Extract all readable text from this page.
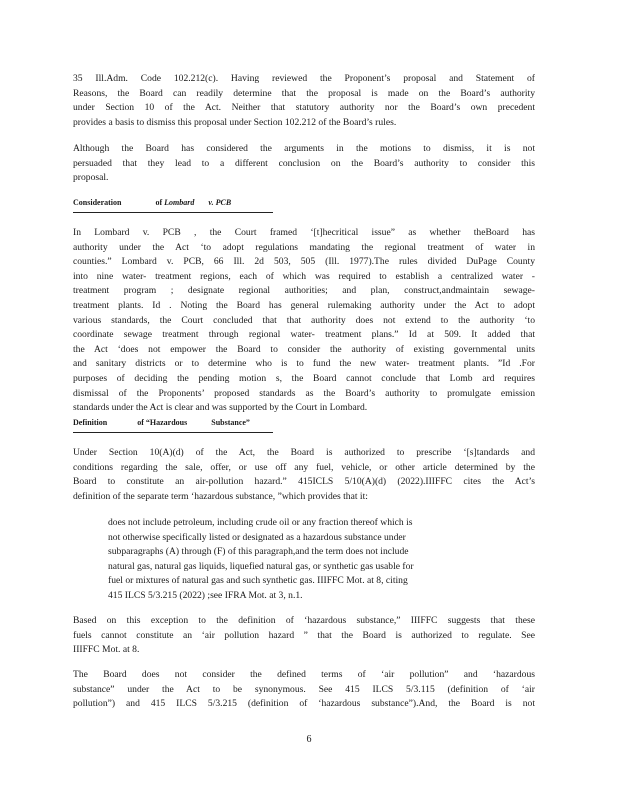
35 Ill.Adm. Code 102.212(c). Having reviewed the Proponent’s proposal and Statement of
Reasons, the Board can readily determine that the proposal is made on the Board’s authority
under Section 10 of the Act. Neither that statutory authority nor the Board’s own precedent
provides a basis to dismiss this proposal under Section 102.212 of the Board’s rules.
Although the Board has considered the arguments in the motions to dismiss, it is not
persuaded that they lead to a different conclusion on the Board’s authority to consider this
proposal.
Consideration	of Lombard v. PCB
In Lombard v. PCB , the Court framed ‘[t]hecritical issue” as whether theBoard has
authority under the Act ‘to adopt regulations mandating the regional treatment of water in
counties.” Lombard v. PCB, 66 Ill. 2d 503, 505 (Ill. 1977).The rules divided DuPage County
into nine water- treatment regions, each of which was required to establish a centralized water -
treatment program ; designate regional authorities; and plan, construct,andmaintain sewage-
treatment plants. Id . Noting the Board has general rulemaking authority under the Act to adopt
various standards, the Court concluded that that authority does not extend to the authority ‘to
coordinate sewage treatment through regional water- treatment plans.” Id at 509. It added that
the Act ‘does not empower the Board to consider the authority of existing governmental units
and sanitary districts or to determine who is to fund the new water- treatment plants. ”Id .For
purposes of deciding the pending motion s, the Board cannot conclude that Lomb ard requires
dismissal of the Proponents’ proposed standards as the Board’s authority to promulgate emission
standards under the Act is clear and was supported by the Court in Lombard.
Definition	of “Hazardous	Substance”
Under Section 10(A)(d) of the Act, the Board is authorized to prescribe ‘[s]tandards and
conditions regarding the sale, offer, or use off any fuel, vehicle, or other article determined by the
Board to constitute an air-pollution hazard.” 415ICLS 5/10(A)(d) (2022).IIIFFC cites the Act’s
definition of the separate term ‘hazardous substance, ”which provides that it:
does not include petroleum, including crude oil or any fraction thereof which is
not otherwise specifically listed or designated as a hazardous substance under
subparagraphs (A) through (F) of this paragraph,and the term does not include
natural gas, natural gas liquids, liquefied natural gas, or synthetic gas usable for
fuel or mixtures of natural gas and such synthetic gas. IIIFFC Mot. at 8, citing
415 ILCS 5/3.215 (2022) ;see IFRA Mot. at 3, n.1.
Based on this exception to the definition of ‘hazardous substance,” IIIFFC suggests that these
fuels cannot constitute an ‘air pollution hazard ” that the Board is authorized to regulate. See
IIIFFC Mot. at 8.
The Board does not consider the defined terms of ‘air pollution” and ‘hazardous
substance” under the Act to be synonymous. See 415 ILCS 5/3.115 (definition of ‘air
pollution”) and 415 ILCS 5/3.215 (definition of ‘hazardous substance”).And, the Board is not
6
